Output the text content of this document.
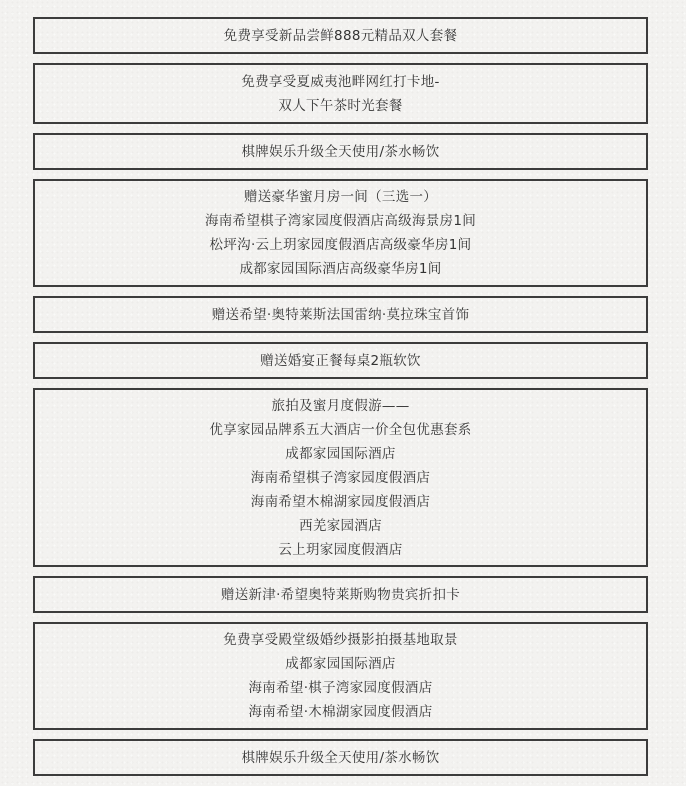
免费享受新品尝鲜888元精品双人套餐
免费享受夏威夷池畔网红打卡地-
双人下午茶时光套餐
棋牌娱乐升级全天使用/茶水畅饮
赠送豪华蜜月房一间（三选一）
海南希望棋子湾家园度假酒店高级海景房1间
松坪沟·云上玥家园度假酒店高级豪华房1间
成都家园国际酒店高级豪华房1间
赠送希望·奥特莱斯法国雷纳·莫拉珠宝首饰
赠送婚宴正餐每桌2瓶软饮
旅拍及蜜月度假游——
优享家园品牌系五大酒店一价全包优惠套系
成都家园国际酒店
海南希望棋子湾家园度假酒店
海南希望木棉湖家园度假酒店
西羌家园酒店
云上玥家园度假酒店
赠送新津·希望奥特莱斯购物贵宾折扣卡
免费享受殿堂级婚纱摄影拍摄基地取景
成都家园国际酒店
海南希望·棋子湾家园度假酒店
海南希望·木棉湖家园度假酒店
棋牌娱乐升级全天使用/茶水畅饮
